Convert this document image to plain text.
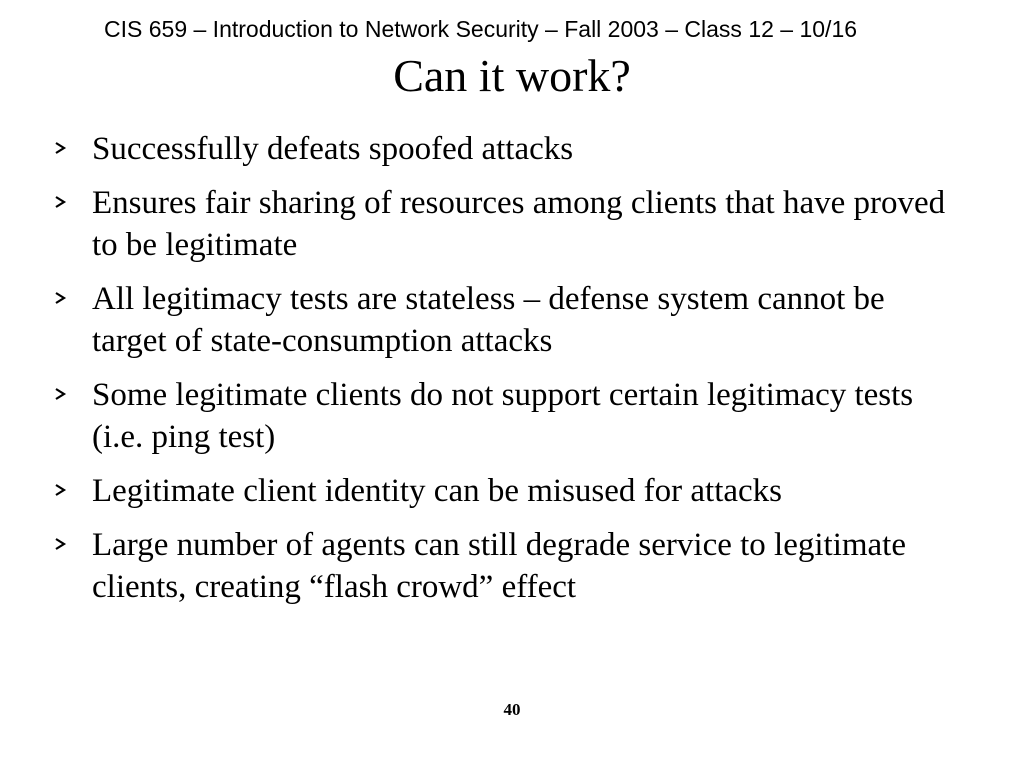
CIS 659 – Introduction to Network Security – Fall 2003 – Class 12 – 10/16
Can it work?
Successfully defeats spoofed attacks
Ensures fair sharing of resources among clients that have proved to be legitimate
All legitimacy tests are stateless – defense system cannot be target of state-consumption attacks
Some legitimate clients do not support certain legitimacy tests (i.e. ping test)
Legitimate client identity can be misused for attacks
Large number of agents can still degrade service to legitimate clients, creating “flash crowd” effect
40
